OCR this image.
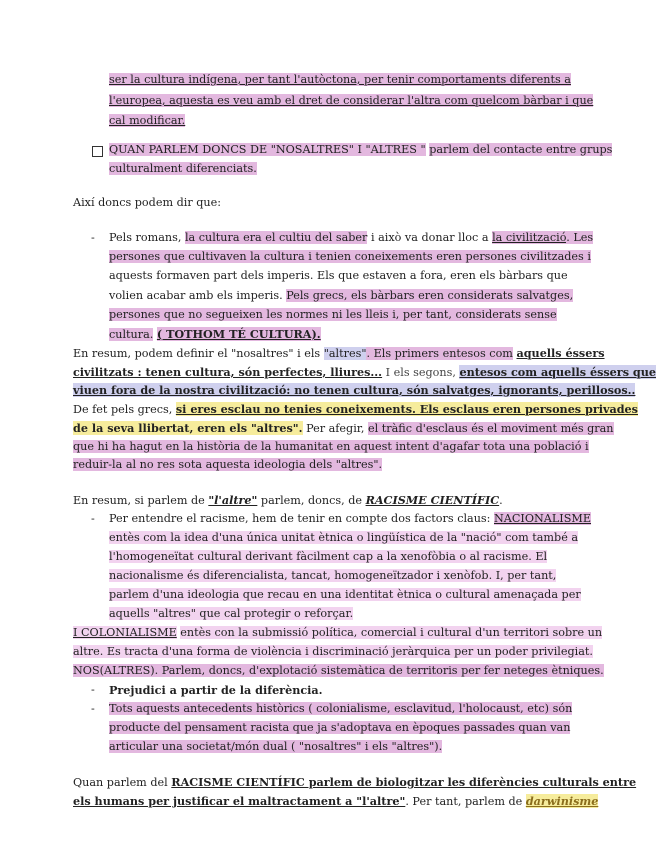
ser la cultura indígena, per tant l'autòctona, per tenir comportaments diferents a
l'europea, aquesta es veu amb el dret de considerar l'altra com quelcom bàrbar i que
cal modificar.
QUAN PARLEM DONCS DE "NOSALTRES" I "ALTRES " parlem del contacte entre grups
culturalment diferenciats.
Així doncs podem dir que:
- Pels romans, la cultura era el cultiu del saber i això va donar lloc a la civilització. Les
persones que cultivaven la cultura i tenien coneixements eren persones civilitzades i
aquests formaven part dels imperis. Els que estaven a fora, eren els bàrbars que
volien acabar amb els imperis. Pels grecs, els bàrbars eren considerats salvatges,
persones que no segueixen les normes ni les lleis i, per tant, considerats sense
cultura. ( TOTHOM TÉ CULTURA).
En resum, podem definir el "nosaltres" i els "altres". Els primers entesos com aquells éssers
civilitzats : tenen cultura, són perfectes, lliures... I els segons, entesos com aquells éssers que
viuen fora de la nostra civilització: no tenen cultura, són salvatges, ignorants, perillosos..
De fet pels grecs, si eres esclau no tenies coneixements. Els esclaus eren persones privades
de la seva llibertat, eren els "altres". Per afegir, el tràfic d'esclaus és el moviment més gran
que hi ha hagut en la història de la humanitat en aquest intent d'agafar tota una població i
reduir-la al no res sota aquesta ideologia dels "altres".
En resum, si parlem de "l'altre" parlem, doncs, de RACISME CIENTÍFIC.
- Per entendre el racisme, hem de tenir en compte dos factors claus: NACIONALISME
entès com la idea d'una única unitat ètnica o lingüística de la "nació" com també a
l'homogeneïtat cultural derivant fàcilment cap a la xenofòbia o al racisme. El
nacionalisme és diferencialista, tancat, homogeneïtzador i xenòfob. I, per tant,
parlem d'una ideologia que recau en una identitat ètnica o cultural amenaçada per
aquells "altres" que cal protegir o reforçar.
I COLONIALISME entès con la submissió política, comercial i cultural d'un territori sobre un
altre. Es tracta d'una forma de violència i discriminació jeràrquica per un poder privilegiat.
NOS(ALTRES). Parlem, doncs, d'explotació sistemàtica de territoris per fer neteges ètniques.
- Prejudici a partir de la diferència.
- Tots aquests antecedents històrics ( colonialisme, esclavitud, l'holocaust, etc) són
producte del pensament racista que ja s'adoptava en èpoques passades quan van
articular una societat/món dual ( "nosaltres" i els "altres").
Quan parlem del RACISME CIENTÍFIC parlem de biologitzar les diferències culturals entre
els humans per justificar el maltractament a "l'altre". Per tant, parlem de darwinisme
